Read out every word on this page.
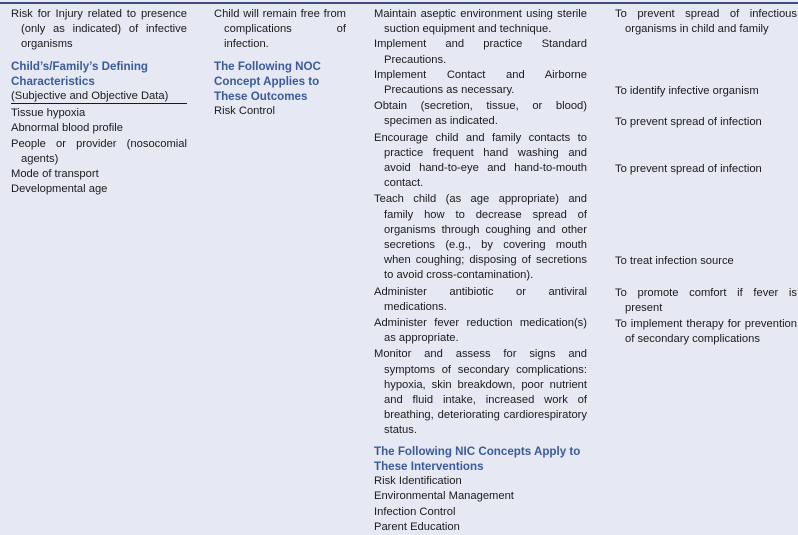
Risk for Injury related to presence (only as indicated) of infective organisms

Child’s/Family’s Defining Characteristics

(Subjective and Objective Data)

Tissue hypoxia

Abnormal blood profile

People or provider (nosocomial agents)

Mode of transport

Developmental age

Child will remain free from complications of infection.

The Following NOC Concept Applies to These Outcomes

Risk Control

Maintain aseptic environment using sterile suction equipment and technique.

Implement and practice Standard Precautions.

Implement Contact and Airborne Precautions as necessary.

Obtain (secretion, tissue, or blood) specimen as indicated.

Encourage child and family contacts to practice frequent hand washing and avoid hand-to-eye and hand-to-mouth contact.

Teach child (as age appropriate) and family how to decrease spread of organisms through coughing and other secretions (e.g., by covering mouth when coughing; disposing of secretions to avoid cross-contamination).

Administer antibiotic or antiviral medications.

Administer fever reduction medication(s) as appropriate.

Monitor and assess for signs and symptoms of secondary complications: hypoxia, skin breakdown, poor nutrient and fluid intake, increased work of breathing, deteriorating cardiorespiratory status.

The Following NIC Concepts Apply to These Interventions

Risk Identification

Environmental Management

Infection Control

Parent Education

To prevent spread of infectious organisms in child and family

To identify infective organism

To prevent spread of infection

To prevent spread of infection

To treat infection source

To promote comfort if fever is present

To implement therapy for prevention of secondary complications
